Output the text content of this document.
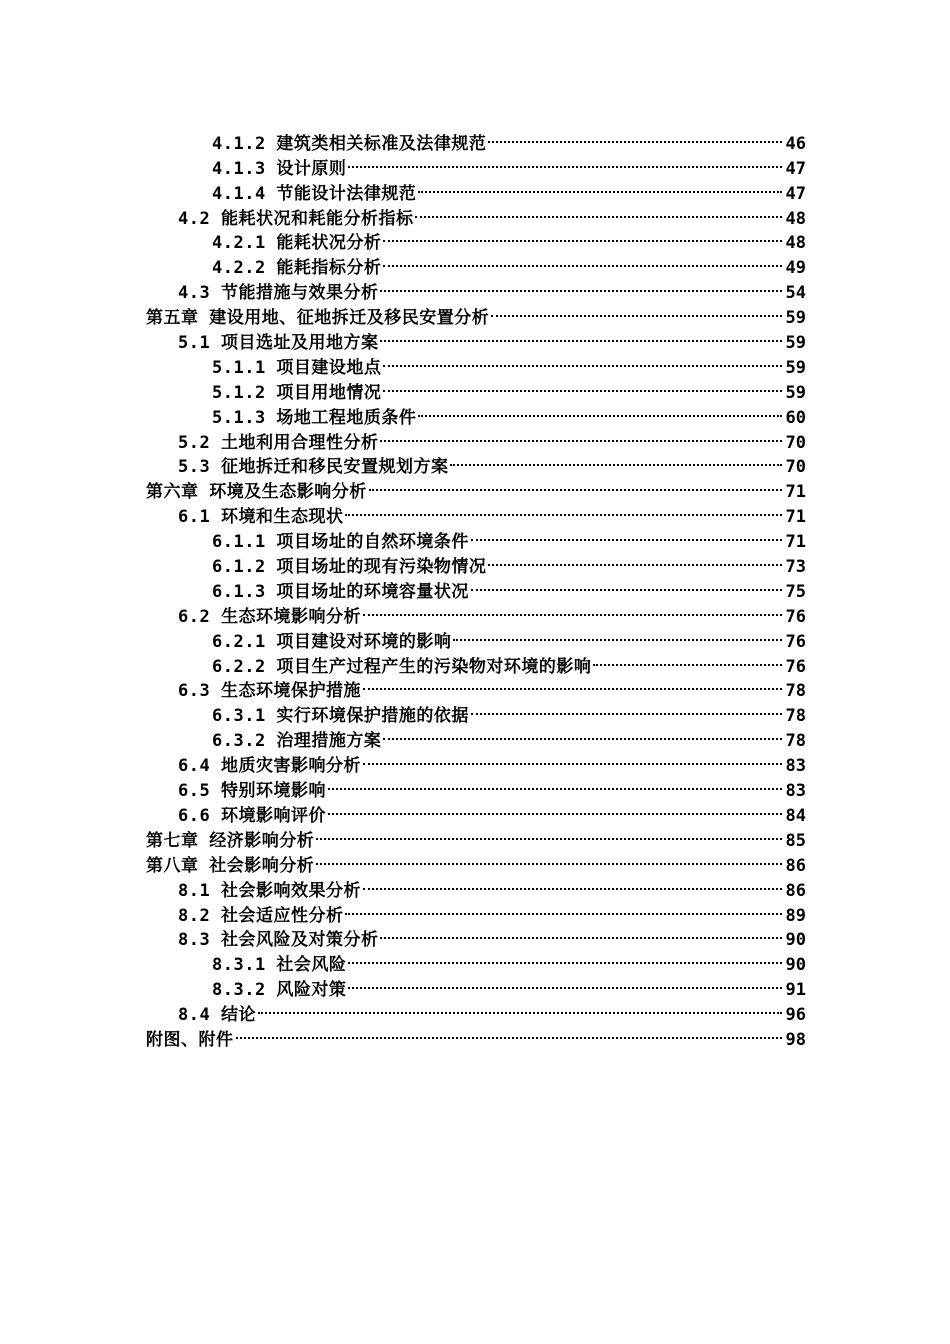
4.1.2 建筑类相关标准及法律规范	46
4.1.3 设计原则	47
4.1.4 节能设计法律规范	47
4.2 能耗状况和耗能分析指标	48
4.2.1 能耗状况分析	48
4.2.2 能耗指标分析	49
4.3 节能措施与效果分析	54
第五章 建设用地、征地拆迁及移民安置分析	59
5.1 项目选址及用地方案	59
5.1.1 项目建设地点	59
5.1.2 项目用地情况	59
5.1.3 场地工程地质条件	60
5.2 土地利用合理性分析	70
5.3 征地拆迁和移民安置规划方案	70
第六章 环境及生态影响分析	71
6.1 环境和生态现状	71
6.1.1 项目场址的自然环境条件	71
6.1.2 项目场址的现有污染物情况	73
6.1.3 项目场址的环境容量状况	75
6.2 生态环境影响分析	76
6.2.1 项目建设对环境的影响	76
6.2.2 项目生产过程产生的污染物对环境的影响	76
6.3 生态环境保护措施	78
6.3.1 实行环境保护措施的依据	78
6.3.2 治理措施方案	78
6.4 地质灾害影响分析	83
6.5 特别环境影响	83
6.6 环境影响评价	84
第七章 经济影响分析	85
第八章 社会影响分析	86
8.1 社会影响效果分析	86
8.2 社会适应性分析	89
8.3 社会风险及对策分析	90
8.3.1 社会风险	90
8.3.2 风险对策	91
8.4 结论	96
附图、附件	98
